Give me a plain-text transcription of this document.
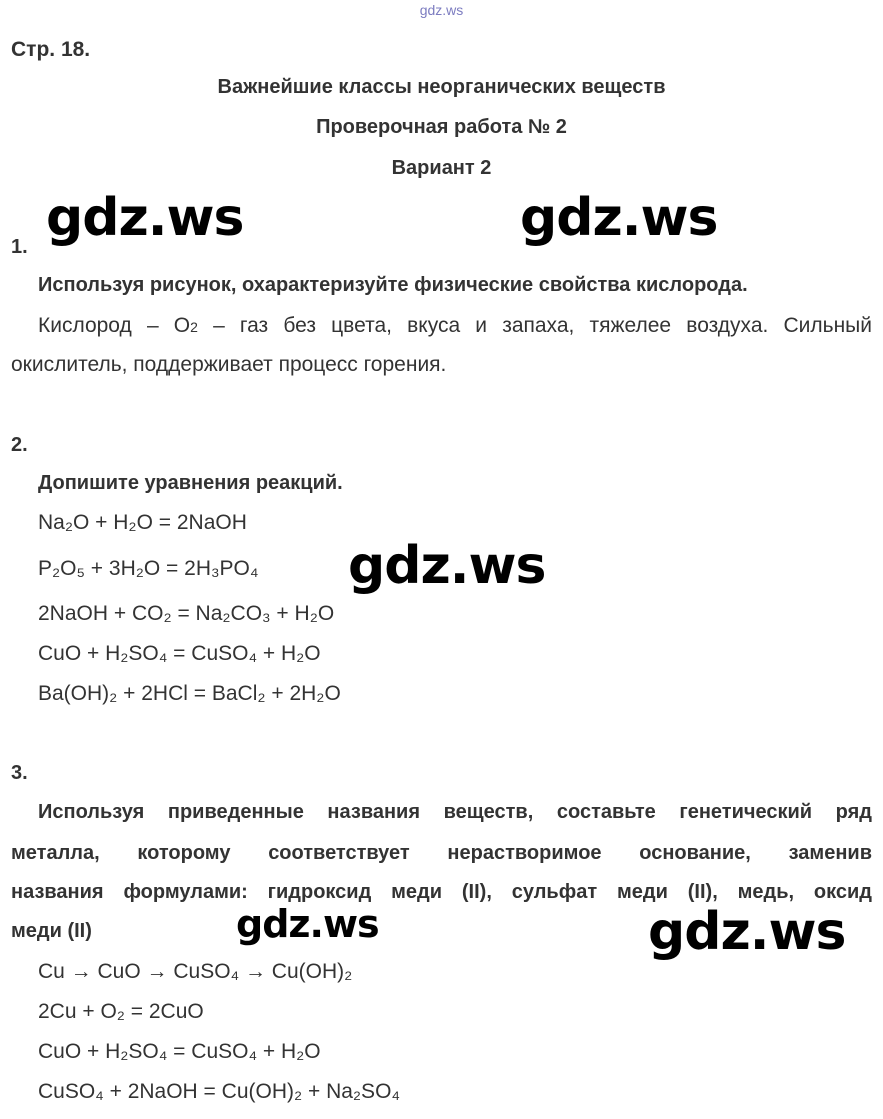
gdz.ws
Стр. 18.
Важнейшие классы неорганических веществ
Проверочная работа № 2
Вариант 2
gdz.ws	gdz.ws
gdz.ws
gdz.ws	gdz.ws
1.
Используя рисунок, охарактеризуйте физические свойства кислорода.
Кислород – O2 – газ без цвета, вкуса и запаха, тяжелее воздуха. Сильный
окислитель, поддерживает процесс горения.
2.
Допишите уравнения реакций.
Na₂O + H₂O = 2NaOH
P₂O₅ + 3H₂O = 2H₃PO₄
2NaOH + CO₂ = Na₂CO₃ + H₂O
CuO + H₂SO₄ = CuSO₄ + H₂O
Ba(OH)₂ + 2HCl = BaCl₂ + 2H₂O
3.
Используя приведенные названия веществ, составьте генетический ряд
металла, которому соответствует нерастворимое основание, заменив
названия формулами: гидроксид меди (II), сульфат меди (II), медь, оксид
меди (II)
Cu → CuO → CuSO₄ → Cu(OH)₂
2Cu + O₂ = 2CuO
CuO + H₂SO₄ = CuSO₄ + H₂O
CuSO₄ + 2NaOH = Cu(OH)₂ + Na₂SO₄
